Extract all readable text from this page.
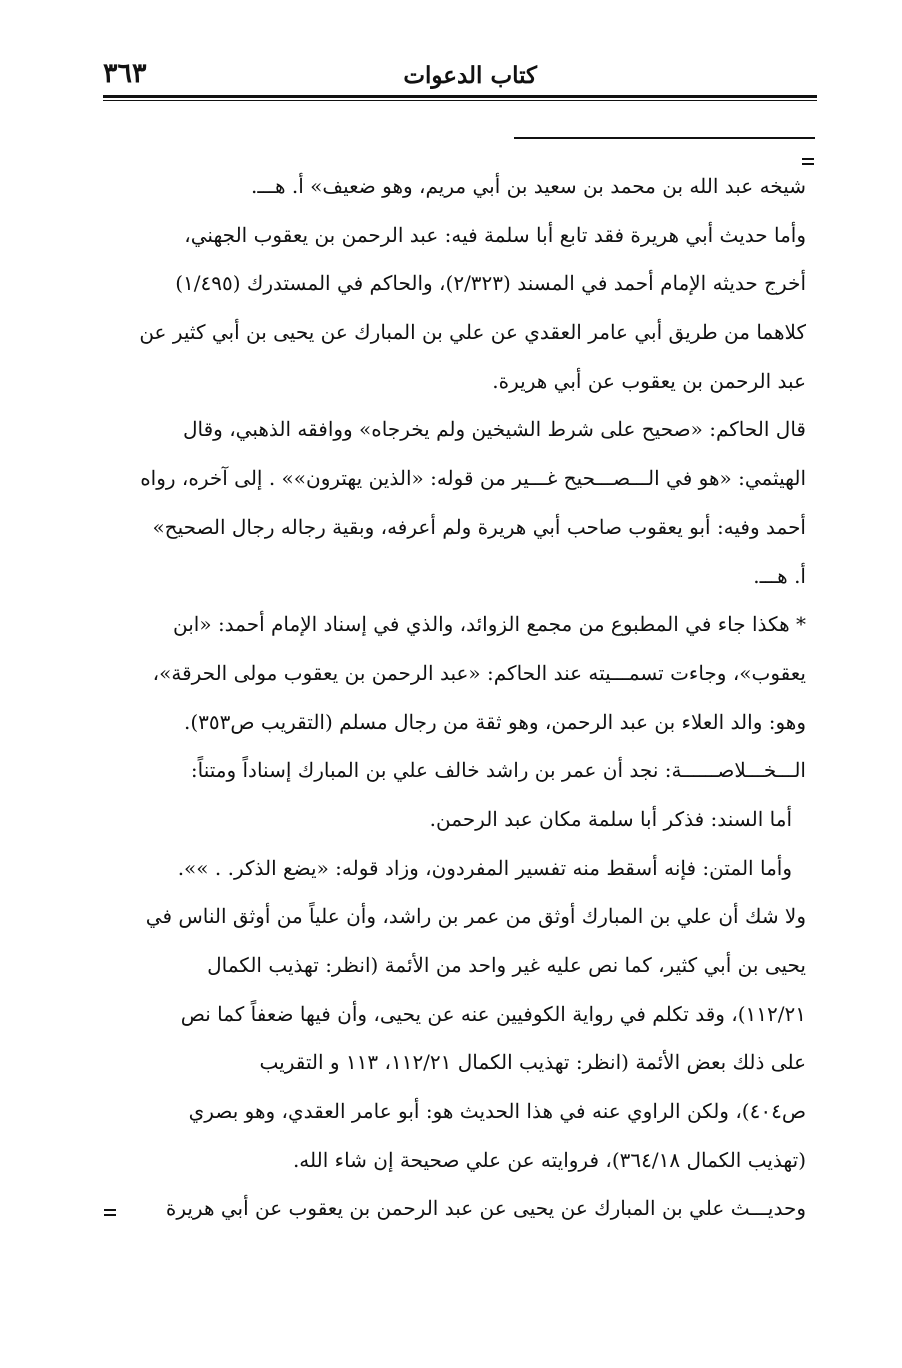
كتاب الدعوات
٣٦٣
شيخه عبد الله بن محمد بن سعيد بن أبي مريم، وهو ضعيف» أ. هـــ.
وأما حديث أبي هريرة فقد تابع أبا سلمة فيه: عبد الرحمن بن يعقوب الجهني،
أخرج حديثه الإمام أحمد في المسند (٢/٣٢٣)، والحاكم في المستدرك (١/٤٩٥)
كلاهما من طريق أبي عامر العقدي عن علي بن المبارك عن يحيى بن أبي كثير عن
عبد الرحمن بن يعقوب عن أبي هريرة.
قال الحاكم: «صحيح على شرط الشيخين ولم يخرجاه» ووافقه الذهبي، وقال
الهيثمي: «هو في الـــصـــحيح غـــير من قوله: «الذين يهترون»» . إلى آخره، رواه
أحمد وفيه: أبو يعقوب صاحب أبي هريرة ولم أعرفه، وبقية رجاله رجال الصحيح»
أ. هـــ.
* هكذا جاء في المطبوع من مجمع الزوائد، والذي في إسناد الإمام أحمد: «ابن
يعقوب»، وجاءت تسمـــيته عند الحاكم: «عبد الرحمن بن يعقوب مولى الحرقة»،
وهو: والد العلاء بن عبد الرحمن، وهو ثقة من رجال مسلم (التقريب ص٣٥٣).
الـــخـــلاصــــــة: نجد أن عمر بن راشد خالف علي بن المبارك إسناداً ومتناً:
أما السند: فذكر أبا سلمة مكان عبد الرحمن.
وأما المتن: فإنه أسقط منه تفسير المفردون، وزاد قوله: «يضع الذكر. . »».
ولا شك أن علي بن المبارك أوثق من عمر بن راشد، وأن علياً من أوثق الناس في
يحيى بن أبي كثير، كما نص عليه غير واحد من الأئمة (انظر: تهذيب الكمال
١١٢/٢١)، وقد تكلم في رواية الكوفيين عنه عن يحيى، وأن فيها ضعفاً كما نص
على ذلك بعض الأئمة (انظر: تهذيب الكمال ١١٢/٢١، ١١٣ و التقريب
ص٤٠٤)، ولكن الراوي عنه في هذا الحديث هو: أبو عامر العقدي، وهو بصري
(تهذيب الكمال ٣٦٤/١٨)، فروايته عن علي صحيحة إن شاء الله.
وحديـــث علي بن المبارك عن يحيى عن عبد الرحمن بن يعقوب عن أبي هريرة
